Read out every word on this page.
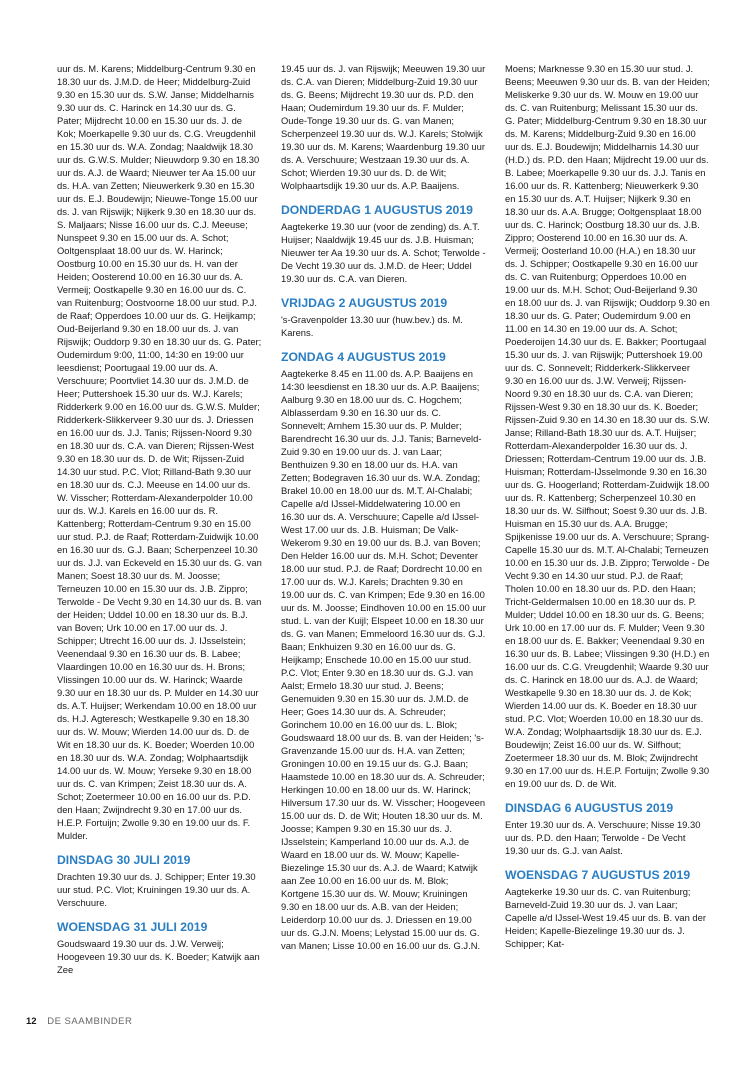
uur ds. M. Karens; Middelburg-Centrum 9.30 en 18.30 uur ds. J.M.D. de Heer; Middelburg-Zuid 9.30 en 15.30 uur ds. S.W. Janse; Middelharnis 9.30 uur ds. C. Harinck en 14.30 uur ds. G. Pater; Mijdrecht 10.00 en 15.30 uur ds. J. de Kok; Moerkapelle 9.30 uur ds. C.G. Vreugdenhil en 15.30 uur ds. W.A. Zondag; Naaldwijk 18.30 uur ds. G.W.S. Mulder; Nieuwdorp 9.30 en 18.30 uur ds. A.J. de Waard; Nieuwer ter Aa 15.00 uur ds. H.A. van Zetten; Nieuwerkerk 9.30 en 15.30 uur ds. E.J. Boudewijn; Nieuwe-Tonge 15.00 uur ds. J. van Rijswijk; Nijkerk 9.30 en 18.30 uur ds. S. Maljaars; Nisse 16.00 uur ds. C.J. Meeuse; Nunspeet 9.30 en 15.00 uur ds. A. Schot; Ooltgensplaat 18.00 uur ds. W. Harinck; Oostburg 10.00 en 15.30 uur ds. H. van der Heiden; Oosterend 10.00 en 16.30 uur ds. A. Vermeij; Oostkapelle 9.30 en 16.00 uur ds. C. van Ruitenburg; Oostvoorne 18.00 uur stud. P.J. de Raaf; Opperdoes 10.00 uur ds. G. Heijkamp; Oud-Beijerland 9.30 en 18.00 uur ds. J. van Rijswijk; Ouddorp 9.30 en 18.30 uur ds. G. Pater; Oudemirdum 9:00, 11:00, 14:30 en 19:00 uur leesdienst; Poortugaal 19.00 uur ds. A. Verschuure; Poortvliet 14.30 uur ds. J.M.D. de Heer; Puttershoek 15.30 uur ds. W.J. Karels; Ridderkerk 9.00 en 16.00 uur ds. G.W.S. Mulder; Ridderkerk-Slikkerveer 9.30 uur ds. J. Driessen en 16.00 uur ds. J.J. Tanis; Rijssen-Noord 9.30 en 18.30 uur ds. C.A. van Dieren; Rijssen-West 9.30 en 18.30 uur ds. D. de Wit; Rijssen-Zuid 14.30 uur stud. P.C. Vlot; Rilland-Bath 9.30 uur en 18.30 uur ds. C.J. Meeuse en 14.00 uur ds. W. Visscher; Rotterdam-Alexanderpolder 10.00 uur ds. W.J. Karels en 16.00 uur ds. R. Kattenberg; Rotterdam-Centrum 9.30 en 15.00 uur stud. P.J. de Raaf; Rotterdam-Zuidwijk 10.00 en 16.30 uur ds. G.J. Baan; Scherpenzeel 10.30 uur ds. J.J. van Eckeveld en 15.30 uur ds. G. van Manen; Soest 18.30 uur ds. M. Joosse; Terneuzen 10.00 en 15.30 uur ds. J.B. Zippro; Terwolde - De Vecht 9.30 en 14.30 uur ds. B. van der Heiden; Uddel 10.00 en 18.30 uur ds. B.J. van Boven; Urk 10.00 en 17.00 uur ds. J. Schipper; Utrecht 16.00 uur ds. J. IJsselstein; Veenendaal 9.30 en 16.30 uur ds. B. Labee; Vlaardingen 10.00 en 16.30 uur ds. H. Brons; Vlissingen 10.00 uur ds. W. Harinck; Waarde 9.30 uur en 18.30 uur ds. P. Mulder en 14.30 uur ds. A.T. Huijser; Werkendam 10.00 en 18.00 uur ds. H.J. Agteresch; Westkapelle 9.30 en 18.30 uur ds. W. Mouw; Wierden 14.00 uur ds. D. de Wit en 18.30 uur ds. K. Boeder; Woerden 10.00 en 18.30 uur ds. W.A. Zondag; Wolphaartsdijk 14.00 uur ds. W. Mouw; Yerseke 9.30 en 18.00 uur ds. C. van Krimpen; Zeist 18.30 uur ds. A. Schot; Zoetermeer 10.00 en 16.00 uur ds. P.D. den Haan; Zwijndrecht 9.30 en 17.00 uur ds. H.E.P. Fortuijn; Zwolle 9.30 en 19.00 uur ds. F. Mulder.

DINSDAG 30 JULI 2019

Drachten 19.30 uur ds. J. Schipper; Enter 19.30 uur stud. P.C. Vlot; Kruiningen 19.30 uur ds. A. Verschuure.

WOENSDAG 31 JULI 2019

Goudswaard 19.30 uur ds. J.W. Verweij; Hoogeveen 19.30 uur ds. K. Boeder; Katwijk aan Zee

19.45 uur ds. J. van Rijswijk; Meeuwen 19.30 uur ds. C.A. van Dieren; Middelburg-Zuid 19.30 uur ds. G. Beens; Mijdrecht 19.30 uur ds. P.D. den Haan; Oudemirdum 19.30 uur ds. F. Mulder; Oude-Tonge 19.30 uur ds. G. van Manen; Scherpenzeel 19.30 uur ds. W.J. Karels; Stolwijk 19.30 uur ds. M. Karens; Waardenburg 19.30 uur ds. A. Verschuure; Westzaan 19.30 uur ds. A. Schot; Wierden 19.30 uur ds. D. de Wit; Wolphaartsdijk 19.30 uur ds. A.P. Baaijens.

DONDERDAG 1 AUGUSTUS 2019

Aagtekerke 19.30 uur (voor de zending) ds. A.T. Huijser; Naaldwijk 19.45 uur ds. J.B. Huisman; Nieuwer ter Aa 19.30 uur ds. A. Schot; Terwolde - De Vecht 19.30 uur ds. J.M.D. de Heer; Uddel 19.30 uur ds. C.A. van Dieren.

VRIJDAG 2 AUGUSTUS 2019

's-Gravenpolder 13.30 uur (huw.bev.) ds. M. Karens.

ZONDAG 4 AUGUSTUS 2019

Aagtekerke 8.45 en 11.00 ds. A.P. Baaijens en 14:30 leesdienst en 18.30 uur ds. A.P. Baaijens; Aalburg 9.30 en 18.00 uur ds. C. Hogchem; Alblasserdam 9.30 en 16.30 uur ds. C. Sonnevelt; Arnhem 15.30 uur ds. P. Mulder; Barendrecht 16.30 uur ds. J.J. Tanis; Barneveld-Zuid 9.30 en 19.00 uur ds. J. van Laar; Benthuizen 9.30 en 18.00 uur ds. H.A. van Zetten; Bodegraven 16.30 uur ds. W.A. Zondag; Brakel 10.00 en 18.00 uur ds. M.T. Al-Chalabi; Capelle a/d IJssel-Middelwatering 10.00 en 16.30 uur ds. A. Verschuure; Capelle a/d IJssel-West 17.00 uur ds. J.B. Huisman; De Valk-Wekerom 9.30 en 19.00 uur ds. B.J. van Boven; Den Helder 16.00 uur ds. M.H. Schot; Deventer 18.00 uur stud. P.J. de Raaf; Dordrecht 10.00 en 17.00 uur ds. W.J. Karels; Drachten 9.30 en 19.00 uur ds. C. van Krimpen; Ede 9.30 en 16.00 uur ds. M. Joosse; Eindhoven 10.00 en 15.00 uur stud. L. van der Kuijl; Elspeet 10.00 en 18.30 uur ds. G. van Manen; Emmeloord 16.30 uur ds. G.J. Baan; Enkhuizen 9.30 en 16.00 uur ds. G. Heijkamp; Enschede 10.00 en 15.00 uur stud. P.C. Vlot; Enter 9.30 en 18.30 uur ds. G.J. van Aalst; Ermelo 18.30 uur stud. J. Beens; Genemuiden 9.30 en 15.30 uur ds. J.M.D. de Heer; Goes 14.30 uur ds. A. Schreuder; Gorinchem 10.00 en 16.00 uur ds. L. Blok; Goudswaard 18.00 uur ds. B. van der Heiden; 's-Gravenzande 15.00 uur ds. H.A. van Zetten; Groningen 10.00 en 19.15 uur ds. G.J. Baan; Haamstede 10.00 en 18.30 uur ds. A. Schreuder; Herkingen 10.00 en 18.00 uur ds. W. Harinck; Hilversum 17.30 uur ds. W. Visscher; Hoogeveen 15.00 uur ds. D. de Wit; Houten 18.30 uur ds. M. Joosse; Kampen 9.30 en 15.30 uur ds. J. IJsselstein; Kamperland 10.00 uur ds. A.J. de Waard en 18.00 uur ds. W. Mouw; Kapelle-Biezelinge 15.30 uur ds. A.J. de Waard; Katwijk aan Zee 10.00 en 16.00 uur ds. M. Blok; Kortgene 15.30 uur ds. W. Mouw; Kruiningen 9.30 en 18.00 uur ds. A.B. van der Heiden; Leiderdorp 10.00 uur ds. J. Driessen en 19.00 uur ds. G.J.N. Moens; Lelystad 15.00 uur ds. G. van Manen; Lisse 10.00 en 16.00 uur ds. G.J.N.

Moens; Marknesse 9.30 en 15.30 uur stud. J. Beens; Meeuwen 9.30 uur ds. B. van der Heiden; Meliskerke 9.30 uur ds. W. Mouw en 19.00 uur ds. C. van Ruitenburg; Melissant 15.30 uur ds. G. Pater; Middelburg-Centrum 9.30 en 18.30 uur ds. M. Karens; Middelburg-Zuid 9.30 en 16.00 uur ds. E.J. Boudewijn; Middelharnis 14.30 uur (H.D.) ds. P.D. den Haan; Mijdrecht 19.00 uur ds. B. Labee; Moerkapelle 9.30 uur ds. J.J. Tanis en 16.00 uur ds. R. Kattenberg; Nieuwerkerk 9.30 en 15.30 uur ds. A.T. Huijser; Nijkerk 9.30 en 18.30 uur ds. A.A. Brugge; Ooltgensplaat 18.00 uur ds. C. Harinck; Oostburg 18.30 uur ds. J.B. Zippro; Oosterend 10.00 en 16.30 uur ds. A. Vermeij; Oosterland 10.00 (H.A.) en 18.30 uur ds. J. Schipper; Oostkapelle 9.30 en 16.00 uur ds. C. van Ruitenburg; Opperdoes 10.00 en 19.00 uur ds. M.H. Schot; Oud-Beijerland 9.30 en 18.00 uur ds. J. van Rijswijk; Ouddorp 9.30 en 18.30 uur ds. G. Pater; Oudemirdum 9.00 en 11.00 en 14.30 en 19.00 uur ds. A. Schot; Poederoijen 14.30 uur ds. E. Bakker; Poortugaal 15.30 uur ds. J. van Rijswijk; Puttershoek 19.00 uur ds. C. Sonnevelt; Ridderkerk-Slikkerveer 9.30 en 16.00 uur ds. J.W. Verweij; Rijssen-Noord 9.30 en 18.30 uur ds. C.A. van Dieren; Rijssen-West 9.30 en 18.30 uur ds. K. Boeder; Rijssen-Zuid 9.30 en 14.30 en 18.30 uur ds. S.W. Janse; Rilland-Bath 18.30 uur ds. A.T. Huijser; Rotterdam-Alexanderpolder 16.30 uur ds. J. Driessen; Rotterdam-Centrum 19.00 uur ds. J.B. Huisman; Rotterdam-IJsselmonde 9.30 en 16.30 uur ds. G. Hoogerland; Rotterdam-Zuidwijk 18.00 uur ds. R. Kattenberg; Scherpenzeel 10.30 en 18.30 uur ds. W. Silfhout; Soest 9.30 uur ds. J.B. Huisman en 15.30 uur ds. A.A. Brugge; Spijkenisse 19.00 uur ds. A. Verschuure; Sprang-Capelle 15.30 uur ds. M.T. Al-Chalabi; Terneuzen 10.00 en 15.30 uur ds. J.B. Zippro; Terwolde - De Vecht 9.30 en 14.30 uur stud. P.J. de Raaf; Tholen 10.00 en 18.30 uur ds. P.D. den Haan; Tricht-Geldermalsen 10.00 en 18.30 uur ds. P. Mulder; Uddel 10.00 en 18.30 uur ds. G. Beens; Urk 10.00 en 17.00 uur ds. F. Mulder; Veen 9.30 en 18.00 uur ds. E. Bakker; Veenendaal 9.30 en 16.30 uur ds. B. Labee; Vlissingen 9.30 (H.D.) en 16.00 uur ds. C.G. Vreugdenhil; Waarde 9.30 uur ds. C. Harinck en 18.00 uur ds. A.J. de Waard; Westkapelle 9.30 en 18.30 uur ds. J. de Kok; Wierden 14.00 uur ds. K. Boeder en 18.30 uur stud. P.C. Vlot; Woerden 10.00 en 18.30 uur ds. W.A. Zondag; Wolphaartsdijk 18.30 uur ds. E.J. Boudewijn; Zeist 16.00 uur ds. W. Silfhout; Zoetermeer 18.30 uur ds. M. Blok; Zwijndrecht 9.30 en 17.00 uur ds. H.E.P. Fortuijn; Zwolle 9.30 en 19.00 uur ds. D. de Wit.

DINSDAG 6 AUGUSTUS 2019

Enter 19.30 uur ds. A. Verschuure; Nisse 19.30 uur ds. P.D. den Haan; Terwolde - De Vecht 19.30 uur ds. G.J. van Aalst.

WOENSDAG 7 AUGUSTUS 2019

Aagtekerke 19.30 uur ds. C. van Ruitenburg; Barneveld-Zuid 19.30 uur ds. J. van Laar; Capelle a/d IJssel-West 19.45 uur ds. B. van der Heiden; Kapelle-Biezelinge 19.30 uur ds. J. Schipper; Kat-

12 DE SAAMBINDER
